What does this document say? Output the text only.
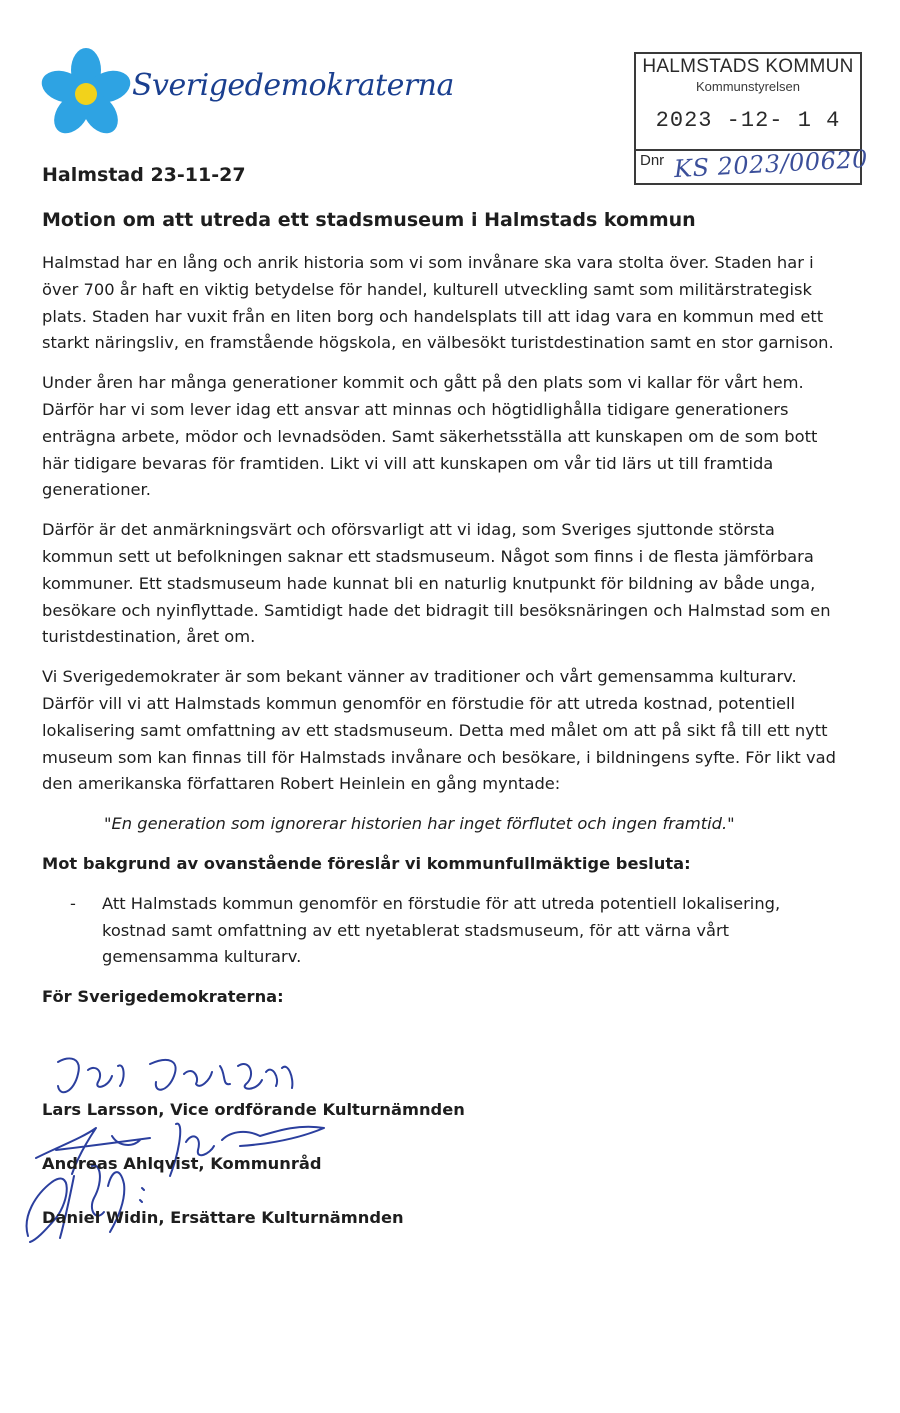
Sverigedemokraterna
HALMSTADS KOMMUN
Kommunstyrelsen
2023 -12- 1 4
Dnr KS 2023/00620
Halmstad 23-11-27
Motion om att utreda ett stadsmuseum i Halmstads kommun

Halmstad har en lång och anrik historia som vi som invånare ska vara stolta över. Staden har i över 700 år haft en viktig betydelse för handel, kulturell utveckling samt som militärstrategisk plats. Staden har vuxit från en liten borg och handelsplats till att idag vara en kommun med ett starkt näringsliv, en framstående högskola, en välbesökt turistdestination samt en stor garnison.

Under åren har många generationer kommit och gått på den plats som vi kallar för vårt hem. Därför har vi som lever idag ett ansvar att minnas och högtidlighålla tidigare generationers enträgna arbete, mödor och levnadsöden. Samt säkerhetsställa att kunskapen om de som bott här tidigare bevaras för framtiden. Likt vi vill att kunskapen om vår tid lärs ut till framtida generationer.

Därför är det anmärkningsvärt och oförsvarligt att vi idag, som Sveriges sjuttonde största kommun sett ut befolkningen saknar ett stadsmuseum. Något som finns i de flesta jämförbara kommuner. Ett stadsmuseum hade kunnat bli en naturlig knutpunkt för bildning av både unga, besökare och nyinflyttade. Samtidigt hade det bidragit till besöksnäringen och Halmstad som en turistdestination, året om.

Vi Sverigedemokrater är som bekant vänner av traditioner och vårt gemensamma kulturarv. Därför vill vi att Halmstads kommun genomför en förstudie för att utreda kostnad, potentiell lokalisering samt omfattning av ett stadsmuseum. Detta med målet om att på sikt få till ett nytt museum som kan finnas till för Halmstads invånare och besökare, i bildningens syfte. För likt vad den amerikanska författaren Robert Heinlein en gång myntade:

"En generation som ignorerar historien har inget förflutet och ingen framtid."

Mot bakgrund av ovanstående föreslår vi kommunfullmäktige besluta:

- Att Halmstads kommun genomför en förstudie för att utreda potentiell lokalisering, kostnad samt omfattning av ett nyetablerat stadsmuseum, för att värna vårt gemensamma kulturarv.

För Sverigedemokraterna:

Lars Larsson, Vice ordförande Kulturnämnden
Andreas Ahlqvist, Kommunråd
Daniel Widin, Ersättare Kulturnämnden
